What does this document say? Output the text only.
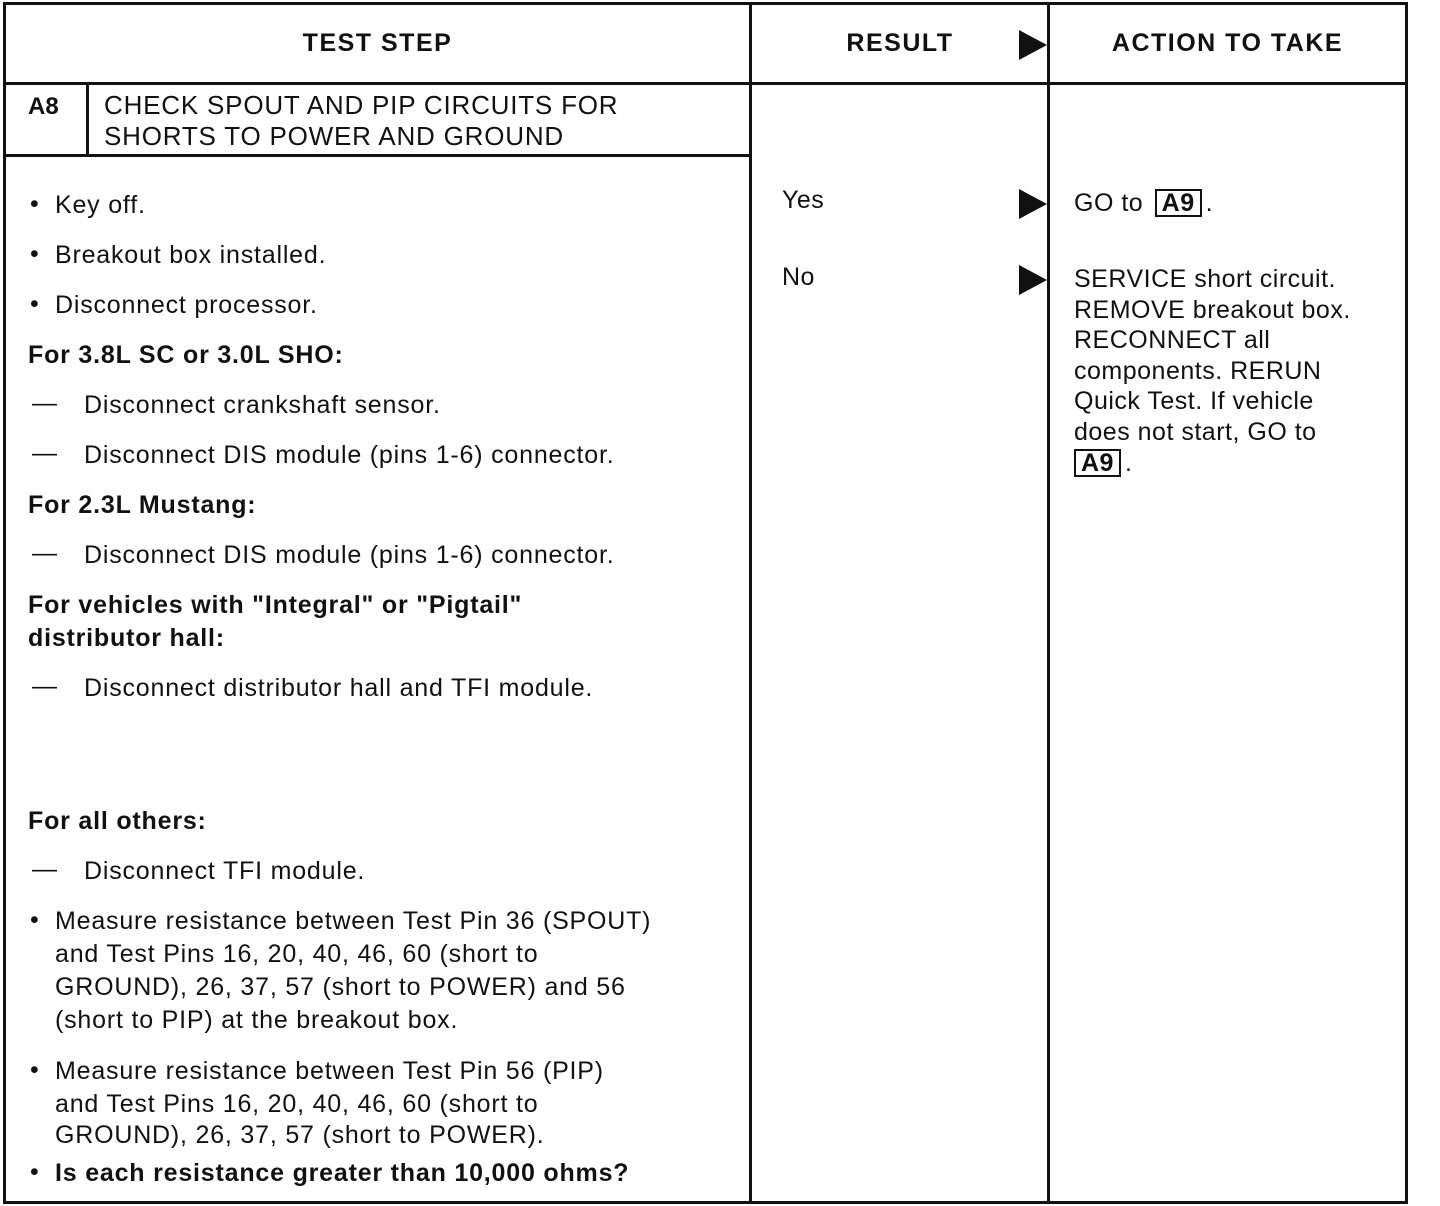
TEST STEP	RESULT	ACTION TO TAKE
A8 CHECK SPOUT AND PIP CIRCUITS FOR
SHORTS TO POWER AND GROUND
• Key off.
• Breakout box installed.
• Disconnect processor.
For 3.8L SC or 3.0L SHO:
— Disconnect crankshaft sensor.
— Disconnect DIS module (pins 1-6) connector.
For 2.3L Mustang:
— Disconnect DIS module (pins 1-6) connector.
For vehicles with "Integral" or "Pigtail"
distributor hall:
— Disconnect distributor hall and TFI module.
For all others:
— Disconnect TFI module.
• Measure resistance between Test Pin 36 (SPOUT)
and Test Pins 16, 20, 40, 46, 60 (short to
GROUND), 26, 37, 57 (short to POWER) and 56
(short to PIP) at the breakout box.
• Measure resistance between Test Pin 56 (PIP)
and Test Pins 16, 20, 40, 46, 60 (short to
GROUND), 26, 37, 57 (short to POWER).
• Is each resistance greater than 10,000 ohms?
Yes
No
GO to A9 .
SERVICE short circuit.
REMOVE breakout box.
RECONNECT all
components. RERUN
Quick Test. If vehicle
does not start, GO to
A9 .
